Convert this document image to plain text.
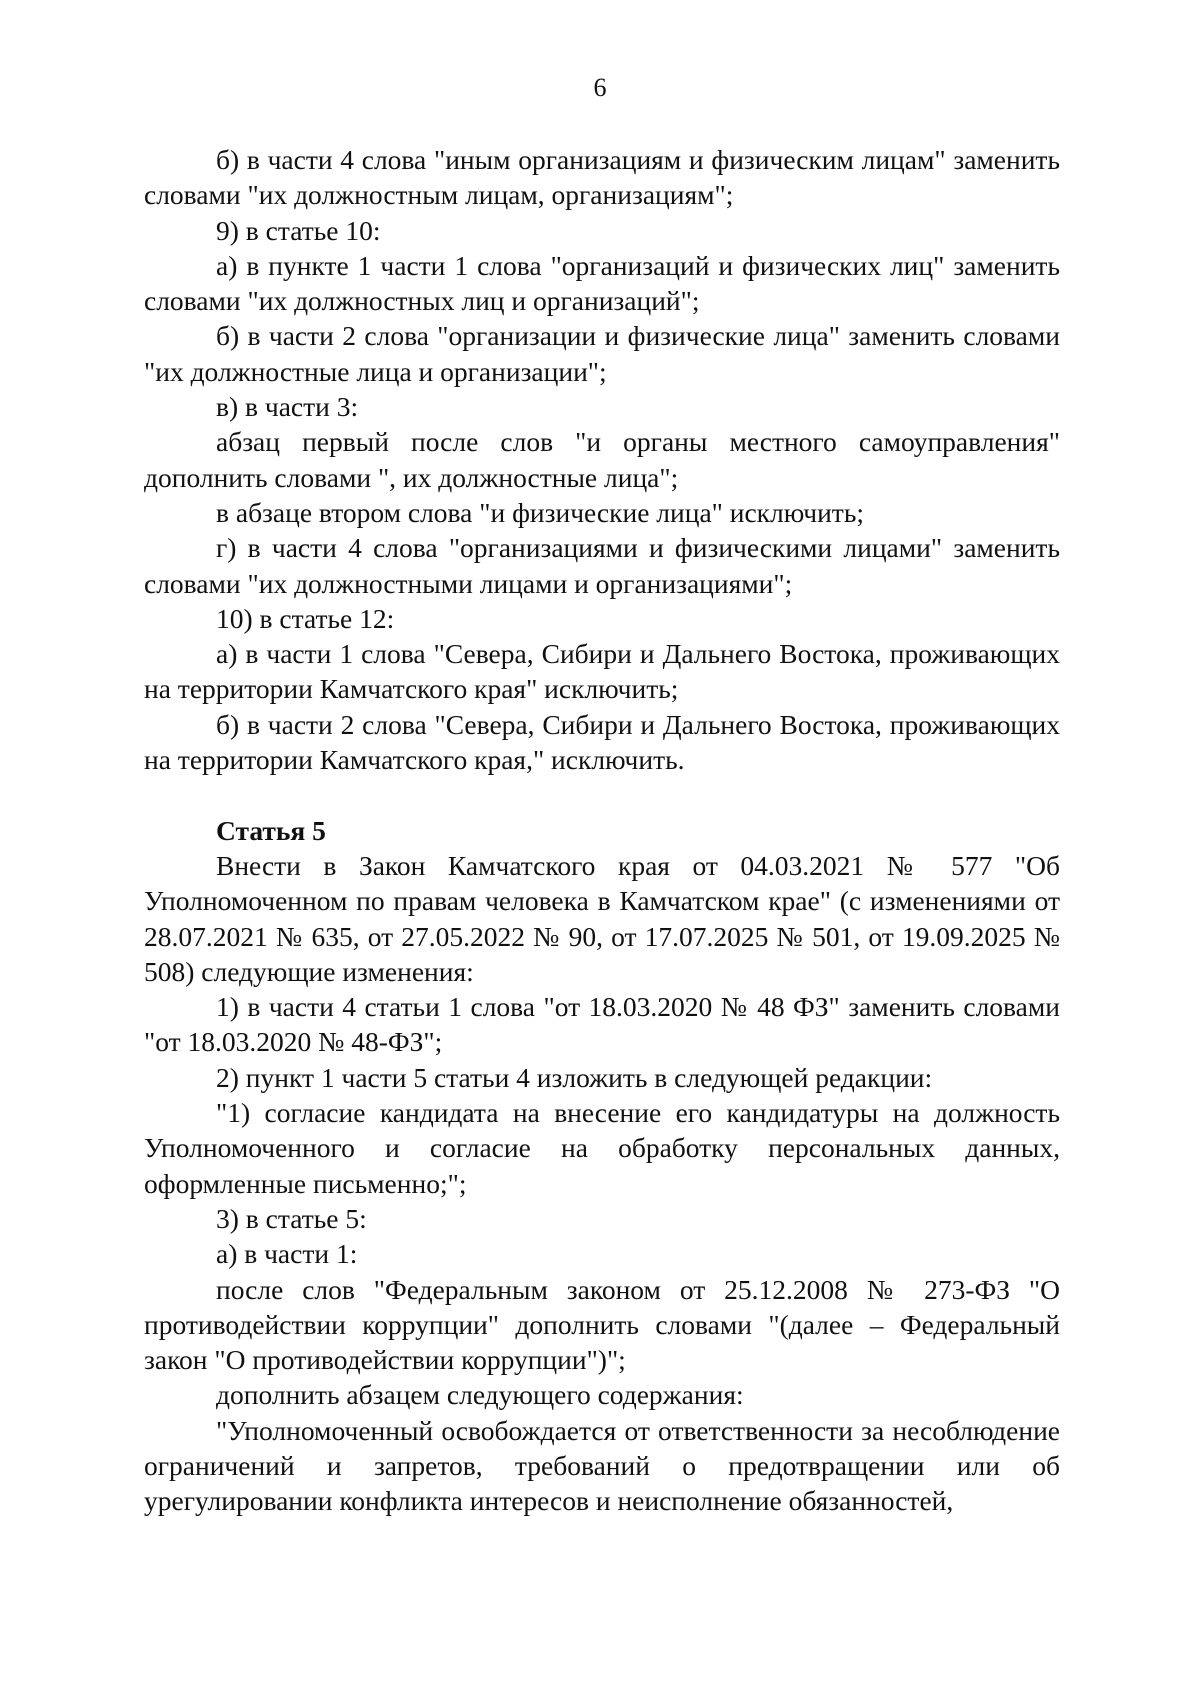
6

б) в части 4 слова "иным организациям и физическим лицам" заменить словами "их должностным лицам, организациям";

9) в статье 10:

а) в пункте 1 части 1 слова "организаций и физических лиц" заменить словами "их должностных лиц и организаций";

б) в части 2 слова "организации и физические лица" заменить словами "их должностные лица и организации";

в) в части 3:

абзац первый после слов "и органы местного самоуправления" дополнить словами ", их должностные лица";

в абзаце втором слова "и физические лица" исключить;

г) в части 4 слова "организациями и физическими лицами" заменить словами "их должностными лицами и организациями";

10) в статье 12:

а) в части 1 слова "Севера, Сибири и Дальнего Востока, проживающих на территории Камчатского края" исключить;

б) в части 2 слова "Севера, Сибири и Дальнего Востока, проживающих на территории Камчатского края," исключить.

Статья 5

Внести в Закон Камчатского края от 04.03.2021 № 577 "Об Уполномоченном по правам человека в Камчатском крае" (с изменениями от 28.07.2021 № 635, от 27.05.2022 № 90, от 17.07.2025 № 501, от 19.09.2025 № 508) следующие изменения:

1) в части 4 статьи 1 слова "от 18.03.2020 № 48 ФЗ" заменить словами "от 18.03.2020 № 48-ФЗ";

2) пункт 1 части 5 статьи 4 изложить в следующей редакции:

"1) согласие кандидата на внесение его кандидатуры на должность Уполномоченного и согласие на обработку персональных данных, оформленные письменно;";

3) в статье 5:

а) в части 1:

после слов "Федеральным законом от 25.12.2008 № 273-ФЗ "О противодействии коррупции" дополнить словами "(далее – Федеральный закон "О противодействии коррупции")";

дополнить абзацем следующего содержания:

"Уполномоченный освобождается от ответственности за несоблюдение ограничений и запретов, требований о предотвращении или об урегулировании конфликта интересов и неисполнение обязанностей,
